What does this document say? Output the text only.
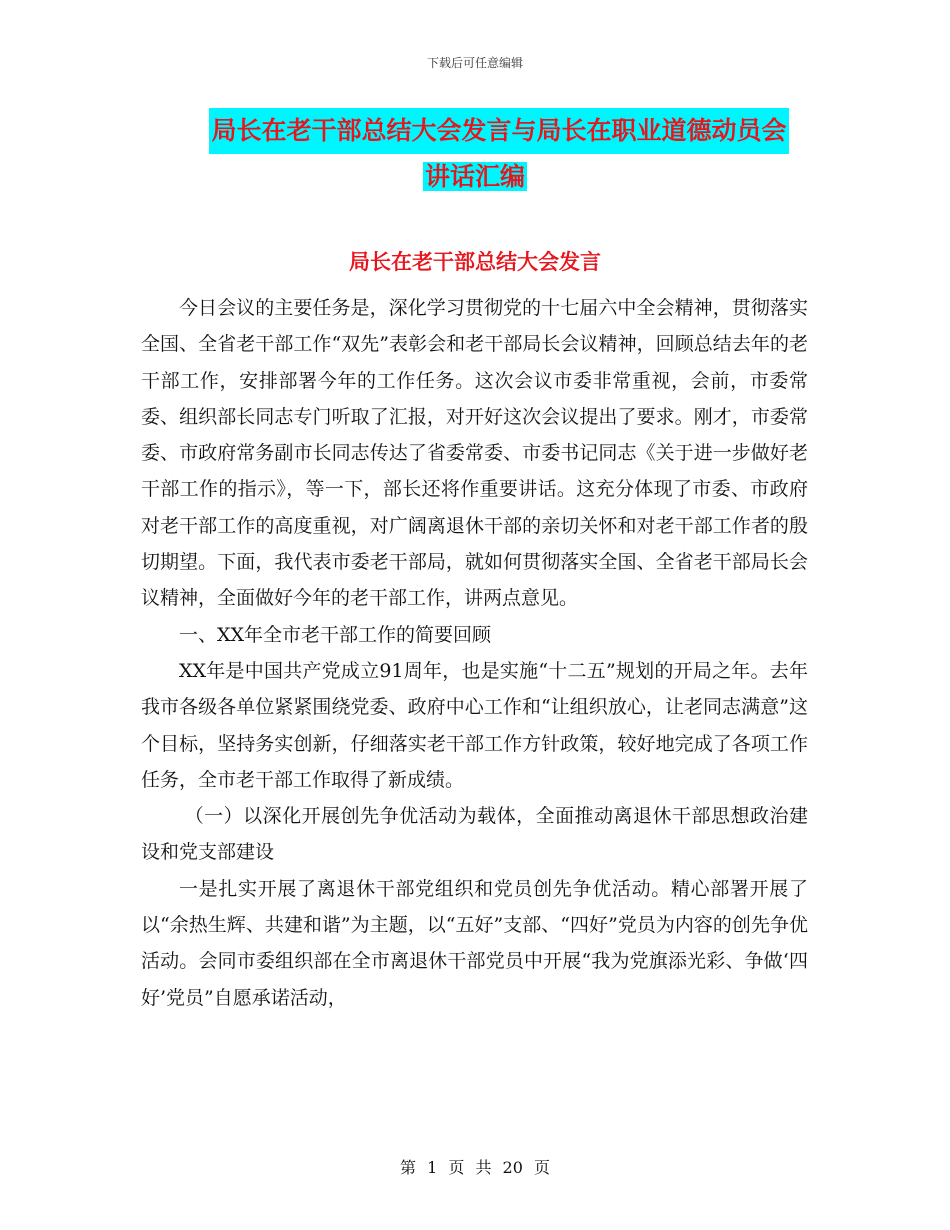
下载后可任意编辑
局长在老干部总结大会发言与局长在职业道德动员会
讲话汇编
局长在老干部总结大会发言

今日会议的主要任务是，深化学习贯彻党的十七届六中全会精神，贯彻落实全国、全省老干部工作“双先”表彰会和老干部局长会议精神，回顾总结去年的老干部工作，安排部署今年的工作任务。这次会议市委非常重视，会前，市委常委、组织部长同志专门听取了汇报，对开好这次会议提出了要求。刚才，市委常委、市政府常务副市长同志传达了省委常委、市委书记同志《关于进一步做好老干部工作的指示》，等一下，部长还将作重要讲话。这充分体现了市委、市政府对老干部工作的高度重视，对广阔离退休干部的亲切关怀和对老干部工作者的殷切期望。下面，我代表市委老干部局，就如何贯彻落实全国、全省老干部局长会议精神，全面做好今年的老干部工作，讲两点意见。

一、XX年全市老干部工作的简要回顾

XX年是中国共产党成立91周年，也是实施“十二五”规划的开局之年。去年我市各级各单位紧紧围绕党委、政府中心工作和“让组织放心，让老同志满意”这个目标，坚持务实创新，仔细落实老干部工作方针政策，较好地完成了各项工作任务，全市老干部工作取得了新成绩。

（一）以深化开展创先争优活动为载体，全面推动离退休干部思想政治建设和党支部建设

一是扎实开展了离退休干部党组织和党员创先争优活动。精心部署开展了以“余热生辉、共建和谐”为主题，以“五好”支部、“四好”党员为内容的创先争优活动。会同市委组织部在全市离退休干部党员中开展“我为党旗添光彩、争做‘四好’党员”自愿承诺活动，

第 1 页 共 20 页
